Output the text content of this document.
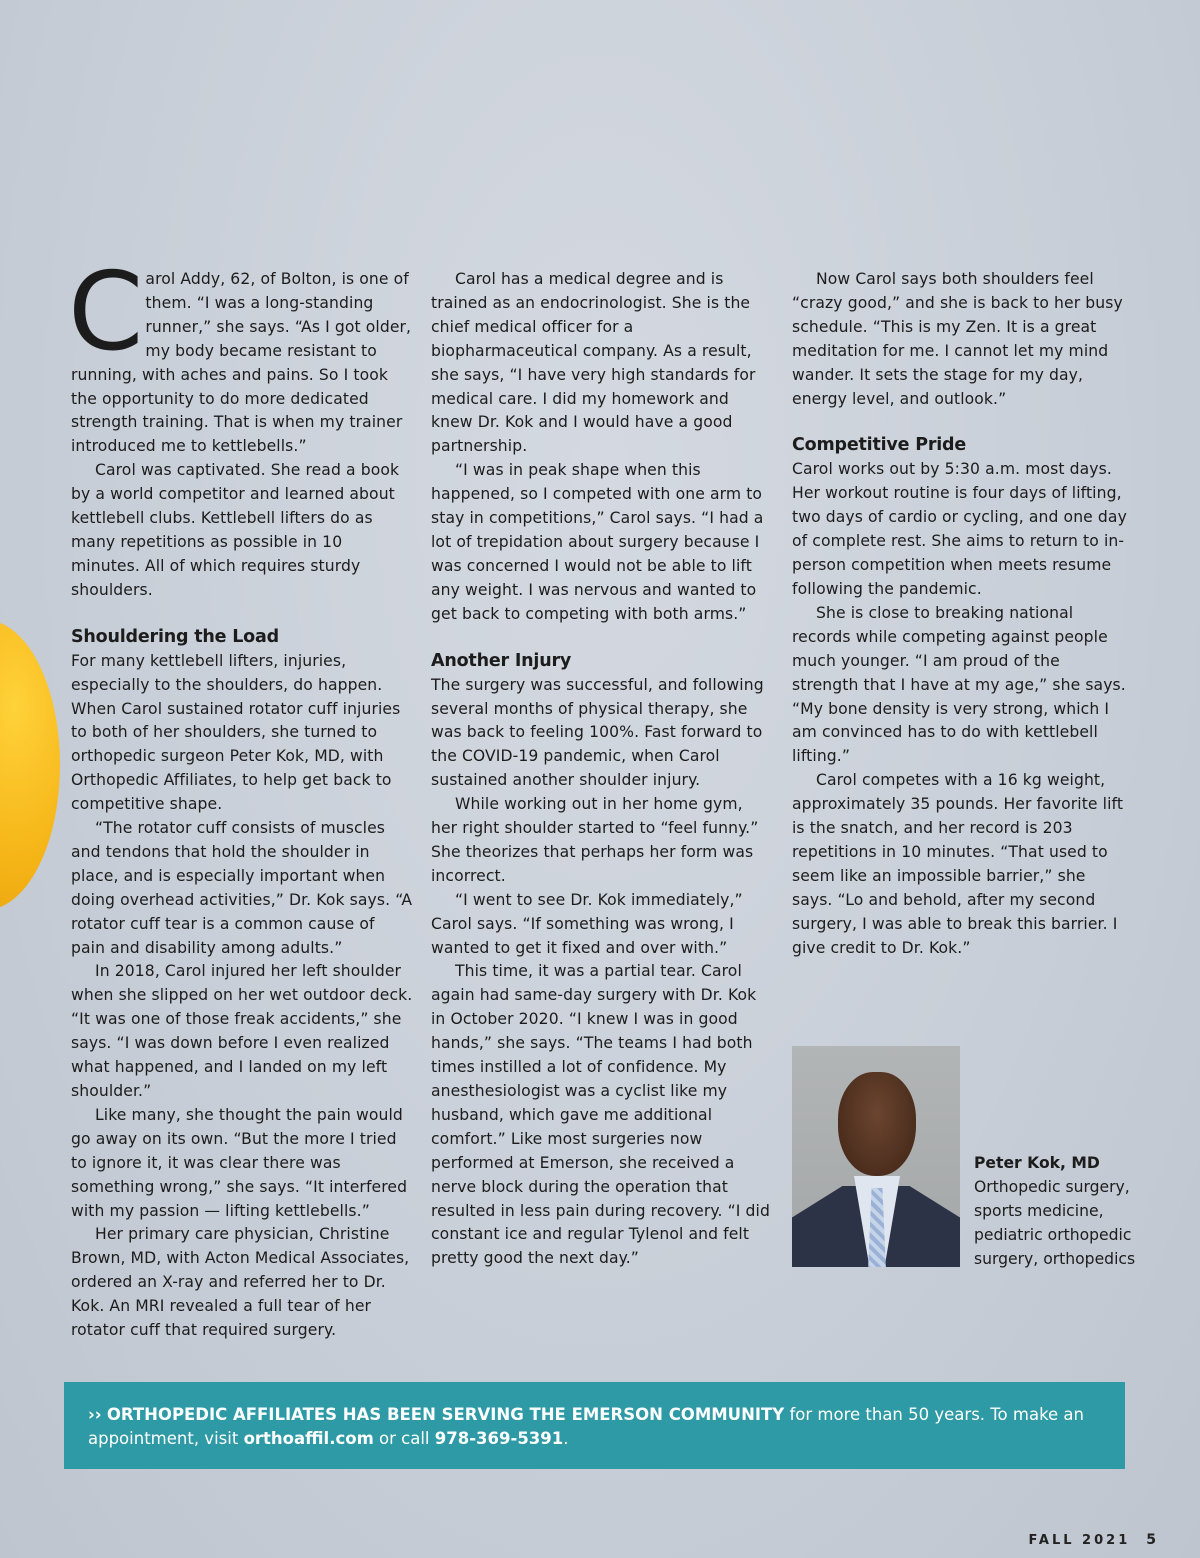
C arol Addy, 62, of Bolton, is one of them. “I was a long-standing runner,” she says. “As I got older, my body became resistant to running, with aches and pains. So I took the opportunity to do more dedicated strength training. That is when my trainer introduced me to kettlebells.”

Carol was captivated. She read a book by a world competitor and learned about kettlebell clubs. Kettlebell lifters do as many repetitions as possible in 10 minutes. All of which requires sturdy shoulders.

Shouldering the Load

For many kettlebell lifters, injuries, especially to the shoulders, do happen. When Carol sustained rotator cuff injuries to both of her shoulders, she turned to orthopedic surgeon Peter Kok, MD, with Orthopedic Affiliates, to help get back to competitive shape.

“The rotator cuff consists of muscles and tendons that hold the shoulder in place, and is especially important when doing overhead activities,” Dr. Kok says. “A rotator cuff tear is a common cause of pain and disability among adults.”

In 2018, Carol injured her left shoulder when she slipped on her wet outdoor deck. “It was one of those freak accidents,” she says. “I was down before I even realized what happened, and I landed on my left shoulder.”

Like many, she thought the pain would go away on its own. “But the more I tried to ignore it, it was clear there was something wrong,” she says. “It interfered with my passion — lifting kettlebells.”

Her primary care physician, Christine Brown, MD, with Acton Medical Associates, ordered an X-ray and referred her to Dr. Kok. An MRI revealed a full tear of her rotator cuff that required surgery.

Carol has a medical degree and is trained as an endocrinologist. She is the chief medical officer for a biopharmaceutical company. As a result, she says, “I have very high standards for medical care. I did my homework and knew Dr. Kok and I would have a good partnership.

“I was in peak shape when this happened, so I competed with one arm to stay in competitions,” Carol says. “I had a lot of trepidation about surgery because I was concerned I would not be able to lift any weight. I was nervous and wanted to get back to competing with both arms.”

Another Injury

The surgery was successful, and following several months of physical therapy, she was back to feeling 100%. Fast forward to the COVID-19 pandemic, when Carol sustained another shoulder injury.

While working out in her home gym, her right shoulder started to “feel funny.” She theorizes that perhaps her form was incorrect.

“I went to see Dr. Kok immediately,” Carol says. “If something was wrong, I wanted to get it fixed and over with.”

This time, it was a partial tear. Carol again had same-day surgery with Dr. Kok in October 2020. “I knew I was in good hands,” she says. “The teams I had both times instilled a lot of confidence. My anesthesiologist was a cyclist like my husband, which gave me additional comfort.” Like most surgeries now performed at Emerson, she received a nerve block during the operation that resulted in less pain during recovery. “I did constant ice and regular Tylenol and felt pretty good the next day.”

Now Carol says both shoulders feel “crazy good,” and she is back to her busy schedule. “This is my Zen. It is a great meditation for me. I cannot let my mind wander. It sets the stage for my day, energy level, and outlook.”

Competitive Pride

Carol works out by 5:30 a.m. most days. Her workout routine is four days of lifting, two days of cardio or cycling, and one day of complete rest. She aims to return to in-person competition when meets resume following the pandemic.

She is close to breaking national records while competing against people much younger. “I am proud of the strength that I have at my age,” she says. “My bone density is very strong, which I am convinced has to do with kettlebell lifting.”

Carol competes with a 16 kg weight, approximately 35 pounds. Her favorite lift is the snatch, and her record is 203 repetitions in 10 minutes. “That used to seem like an impossible barrier,” she says. “Lo and behold, after my second surgery, I was able to break this barrier. I give credit to Dr. Kok.”

Peter Kok, MD
Orthopedic surgery, sports medicine, pediatric orthopedic surgery, orthopedics
›› ORTHOPEDIC AFFILIATES HAS BEEN SERVING THE EMERSON COMMUNITY for more than 50 years. To make an appointment, visit orthoaffil.com or call 978-369-5391.
FALL 2021 5
